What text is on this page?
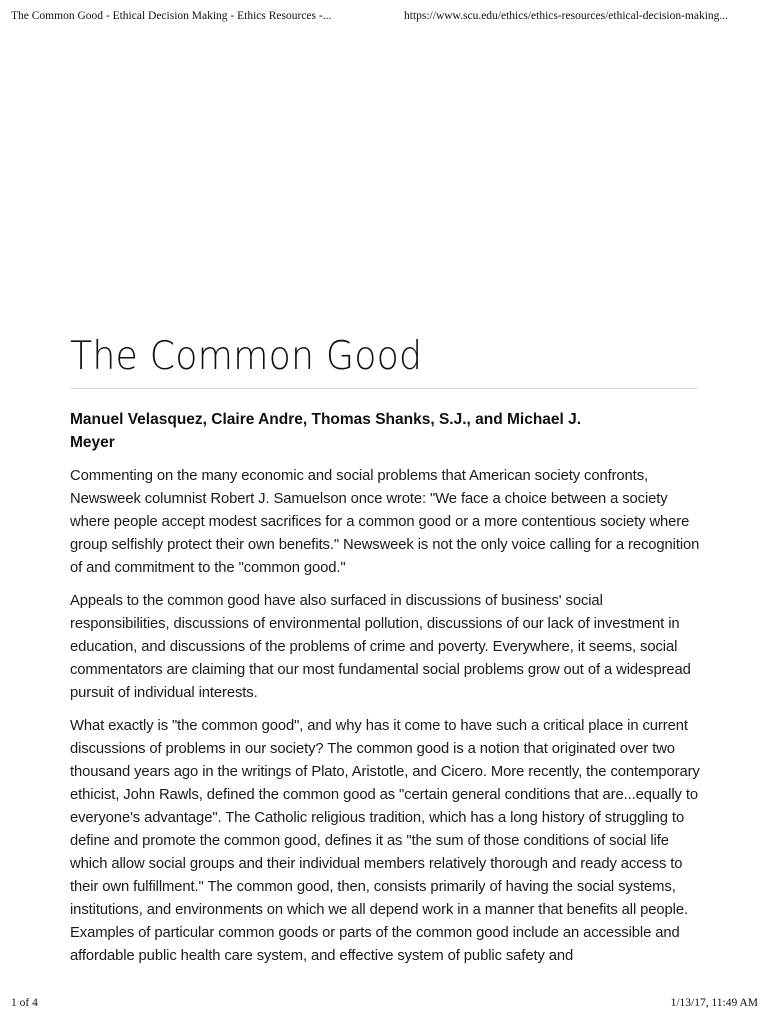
The Common Good - Ethical Decision Making - Ethics Resources -...	https://www.scu.edu/ethics/ethics-resources/ethical-decision-making...
The Common Good
Manuel Velasquez, Claire Andre, Thomas Shanks, S.J., and Michael J. Meyer

Commenting on the many economic and social problems that American society confronts, Newsweek columnist Robert J. Samuelson once wrote: "We face a choice between a society where people accept modest sacrifices for a common good or a more contentious society where group selfishly protect their own benefits." Newsweek is not the only voice calling for a recognition of and commitment to the "common good."

Appeals to the common good have also surfaced in discussions of business' social responsibilities, discussions of environmental pollution, discussions of our lack of investment in education, and discussions of the problems of crime and poverty. Everywhere, it seems, social commentators are claiming that our most fundamental social problems grow out of a widespread pursuit of individual interests.

What exactly is "the common good", and why has it come to have such a critical place in current discussions of problems in our society? The common good is a notion that originated over two thousand years ago in the writings of Plato, Aristotle, and Cicero. More recently, the contemporary ethicist, John Rawls, defined the common good as "certain general conditions that are...equally to everyone's advantage". The Catholic religious tradition, which has a long history of struggling to define and promote the common good, defines it as "the sum of those conditions of social life which allow social groups and their individual members relatively thorough and ready access to their own fulfillment." The common good, then, consists primarily of having the social systems, institutions, and environments on which we all depend work in a manner that benefits all people. Examples of particular common goods or parts of the common good include an accessible and affordable public health care system, and effective system of public safety and

1 of 4	1/13/17, 11:49 AM
